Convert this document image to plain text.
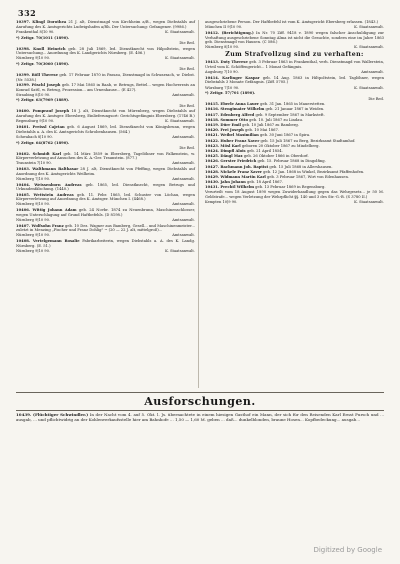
332

10397. Klingl Dorothea 21 J. alt, Dienstmagd von Kirchheim a/B., wegen Diebstahls auf Anrufung des K. Amtsgerichts Ludwigshafen a/Rh. Der Untersuchung: Gefangener. (9986.)

Frankenthal 8|10 90.	K. Staatsanwalt.

*) Zeitgr. 70(1011 (1890).

Die Red.

10398. Knoll Heinrich geb. 28 Juli 1869, led. Dienstknecht von Hilpoltstein, wegen Untersuchung... Anordnung des K. Landgerichts Nürnberg. (E. 406.)

Nürnberg 9|10 90.	K. Staatsanwalt.

*) Zeitgr. 70(3060 (1890).

Die Red.

10399. Böll Therese geb. 17 Februar 1870 in Passau, Dienstmagd in Schwarzach, w. Diebst. (Nr. 5538.)

10399. Pöschl Joseph geb. 17 Mai 1865 in Raab, w. Betrugs, Bettel... wegen Hochverrats an Konrad Sattl, w. Betrug, Prozession... am Urnenhause... (E 427).

Straubing 8|10 90.	Amtsanwalt.

*) Zeitgr. 63(7969 (1889).

Die Red.

10400. Pomprauf Joseph 18 J. alt, Dienstknecht von Mürenberg, wegen Diebstahls auf Anrufung des K. Amtsger. Ebersberg, Einlieferungsort: Gerichtsgefängnis Ebersberg. (1746 B.)

Regensburg 9|10 90.	K. Staatsanwalt.

10401. Preissl Cajetan geb. 6 August 1869, led. Dienstknecht von Königsbrunn, wegen Diebstahls a. A. des K. Amtsgerichts Schrobenhausen. (564.)

Schwabach 8|10 90.	Amtsanwalt.

*) Zeitgr. 64(8762 (1890).

Die Red.

10402. Schmidt Karl geb. 14 März 1859 in Ebersberg, Tagelöhner von Falkenstein, w. Körperverletzung auf Ansuchen des K. A.-Ger. Traunstein. (877.)

Traunstein 7|10 90.	Amtsanwalt.

10403. Walthmann Balthasar 28 J. alt, Dienstknecht von Pfeffing, wegen Diebstahls auf Anordnung des K. Amtsgerichts Weilheim.

Nürnberg 7|10 90.	Amtsanwalt.

10404. Weissenborn Andreas geb. 1865, led. Dienstknecht, wegen Betrugs und Urkundenfälschung. (1440.)

10405. Wettstein Andreas geb. 11. Febr. 1865, led. Schuster von Löchau, wegen Körperverletzung auf Anordnung des K. Amtsger. München I. (4468.)

Nürnberg 9|10 90.	Amtsanwalt.

10406. Wittig Johann Adam geb. 24 Novbr. 1874 zu Neuenbrunn, Maschinenschlosser, wegen Unterschlagung auf Grund Haftbefehls. (D 8198.)

Nürnberg 9|10 90.	Amtsanwalt.

10407. Wolfsohn Franz geb. 10 Dez. Wagner aus Bamberg, Gesell... und Maschinenmeister... zuletzt in Menzing „Fischer und Franz Dohlig" ~ (20 — 22 J. alt, mittelgroß)...

Nürnberg 9|10 90.	Amtsanwalt.

10408. Vertelgemann Rosalie Fabrikarbeiterin, wegen Diebstahls a. A. des K. Landg. Nürnberg. (E. 51.)

Nürnberg 9|10 90.	K. Staatsanwalt.

ausgeschriebene Person. Der Haftbefehl ist vom K. Amtsgericht Ebersberg erlassen. (1843.)

München II 9|10 90.	K. Staatsanwalt.

10412. (Berichtigung.) In Nr. 70 Ziff. 9418 v. 1890 wegen falscher Anschuldigung zur Verhaftung ausgeschriebene Sonntag Alma ist nicht die Gesuchte, sondern eine im Jahre 1863 geb. Dienstmagd von Hausen. (C 586.)

Nürnberg 8|10 90.	K. Staatsanwalt.
Zum Strafvollzug sind zu verhaften:

10413. Doty Therese geb. 3 Februar 1863 in Frankenthal, verh. Dienstmagd von Wallerstein, Urteil vom K. Schöffengericht... 1 Monat Gefängnis.

Augsburg 7|10 90.	Amtsanwalt.

10414. Karlinger Kaspar geb. 14 Aug. 1863 in Hiltpoltstein, led. Taglöhner, wegen Diebstahls 3 Monate Gefängnis. (Ziff. 5705.)

Würzburg 7|10 90.	K. Staatsanwalt.

*) Zeitgr. 57/701 (1890).

Die Red.

10415. Eberle Anna Lauer geb. 31 Jan. 1865 in Mauerstetten.

10416. Stengimaier Wilhelm geb. 21 Januar 1867 in Weiden.

10417. Edenberg Alfred geb. 9 September 1867 in Marksteft.

10418. Sommer Otto geb. 10. Juli 1867 zu Lindau.

10419. Dürr Emil geb. 10 Juli 1867 zu Bamberg.

10420. Frei Joseph geb. 10 Mai 1867.

10421. Weibel Maximilian geb. 30 Juni 1867 in Spira.

10422. Huber Franz Xaver geb. 15 Juli 1867 zu Berg, Bezirksamt Stadtamhof.

10423. Mösl Karl geboren 20 Oktober 1867 zu Mindelberg.

10424. Dimpfl Alois geb. 21 April 1854.

10425. Dängl Max geb. 26 Oktober 1866 in Oberdorf.

10426. Gerster Friedrich geb. 15. Februar 1868 in Dingolfing.

10427. Bachmann Joh. Baptist geb. 15 Juli 1868 in Allershausen.

10428. Nickele Franz Xaver geb. 12 Jan. 1868 in Winkel, Bezirksamt Pfaffenhofen.

10429. Widmann Martin Karl geb. 3 Februar 1867, Wirt von Edenhausen.

10430. Jahn Johann geb. 18 April 1867.

10431. Prechtl Wilhelm geb. 13 Februar 1869 in Regensburg.

Verurteilt vom 18 August 1890 wegen Zuwiderhandlung gegen das Wehrgesetz... je 50 M. Geldstrafe... wegen Verletzung der Wehrpflicht §§. 140 und 3 des Str.-G.-B. (S 3780 II.)

Kempten 10|9 90.	K. Staatsanwalt.
Ausforschungen.
10439. (Flüchtiger Schwindler.) In der Nacht vom 4. auf 5. Okt. l. Js. übernachtete in einem hiesigen Gasthof ein Mann, der sich für den Reisenden Karl Ernst Pursch und ... ausgab, ... und pflichtwidrig an der Kohlenverkaufsstelle hier am Bahnhofe ... 1,50 — 1,60 M. geben ... daß... dunkelblonden, braune Hosen... Kopfbedeckung... ausgab...
Digitized by Google
